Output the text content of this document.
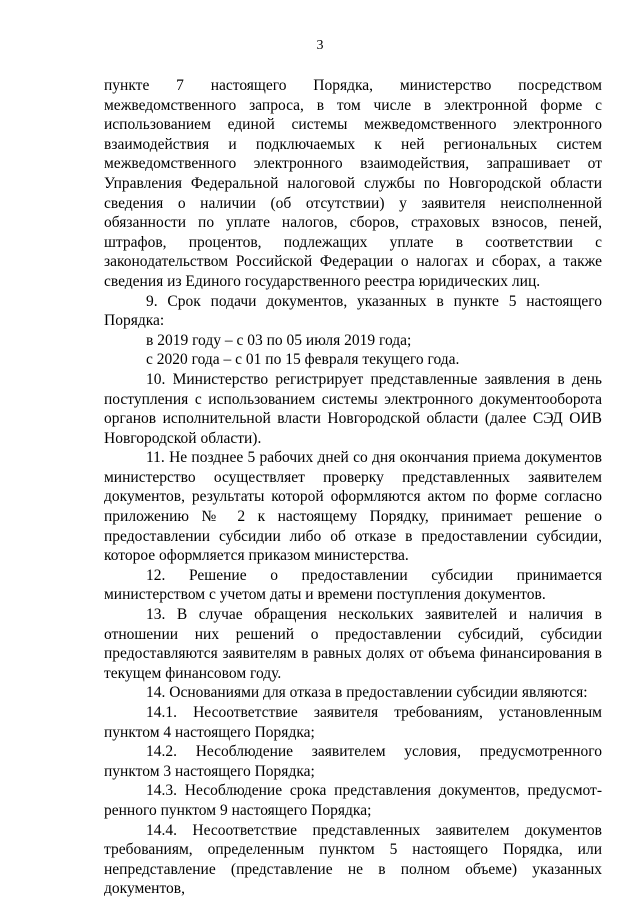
3

пункте 7 настоящего Порядка, министерство посредством межведомственного запроса, в том числе в электронной форме с использованием единой системы межведомственного электронного взаимодействия и подключаемых к ней региональных систем межведомственного электронного взаимодействия, запрашивает от Управления Федеральной налоговой службы по Новгородской области сведения о наличии (об отсутствии) у заявителя неисполненной обязанности по уплате налогов, сборов, страховых взносов, пеней, штрафов, процентов, подлежащих уплате в соответствии с законодательством Российской Федерации о налогах и сборах, а также сведения из Единого государственного реестра юридических лиц.

9. Срок подачи документов, указанных в пункте 5 настоящего Порядка:

в 2019 году – с 03 по 05 июля 2019 года;

с 2020 года – с 01 по 15 февраля текущего года.

10. Министерство регистрирует представленные заявления в день поступления с использованием системы электронного документооборота органов исполнительной власти Новгородской области (далее СЭД ОИВ Новгородской области).

11. Не позднее 5 рабочих дней со дня окончания приема документов министерство осуществляет проверку представленных заявителем документов, результаты которой оформляются актом по форме согласно приложению № 2 к настоящему Порядку, принимает решение о предоставлении субсидии либо об отказе в предоставлении субсидии, которое оформляется приказом министерства.

12. Решение о предоставлении субсидии принимается министерством с учетом даты и времени поступления документов.

13. В случае обращения нескольких заявителей и наличия в отношении них решений о предоставлении субсидий, субсидии предоставляются заявителям в равных долях от объема финансирования в текущем финансовом году.

14. Основаниями для отказа в предоставлении субсидии являются:

14.1. Несоответствие заявителя требованиям, установленным пунктом 4 настоящего Порядка;

14.2. Несоблюдение заявителем условия, предусмотренного пунктом 3 настоящего Порядка;

14.3. Несоблюдение срока представления документов, предусмотренного пунктом 9 настоящего Порядка;

14.4. Несоответствие представленных заявителем документов требованиям, определенным пунктом 5 настоящего Порядка, или непредставление (представление не в полном объеме) указанных документов,
